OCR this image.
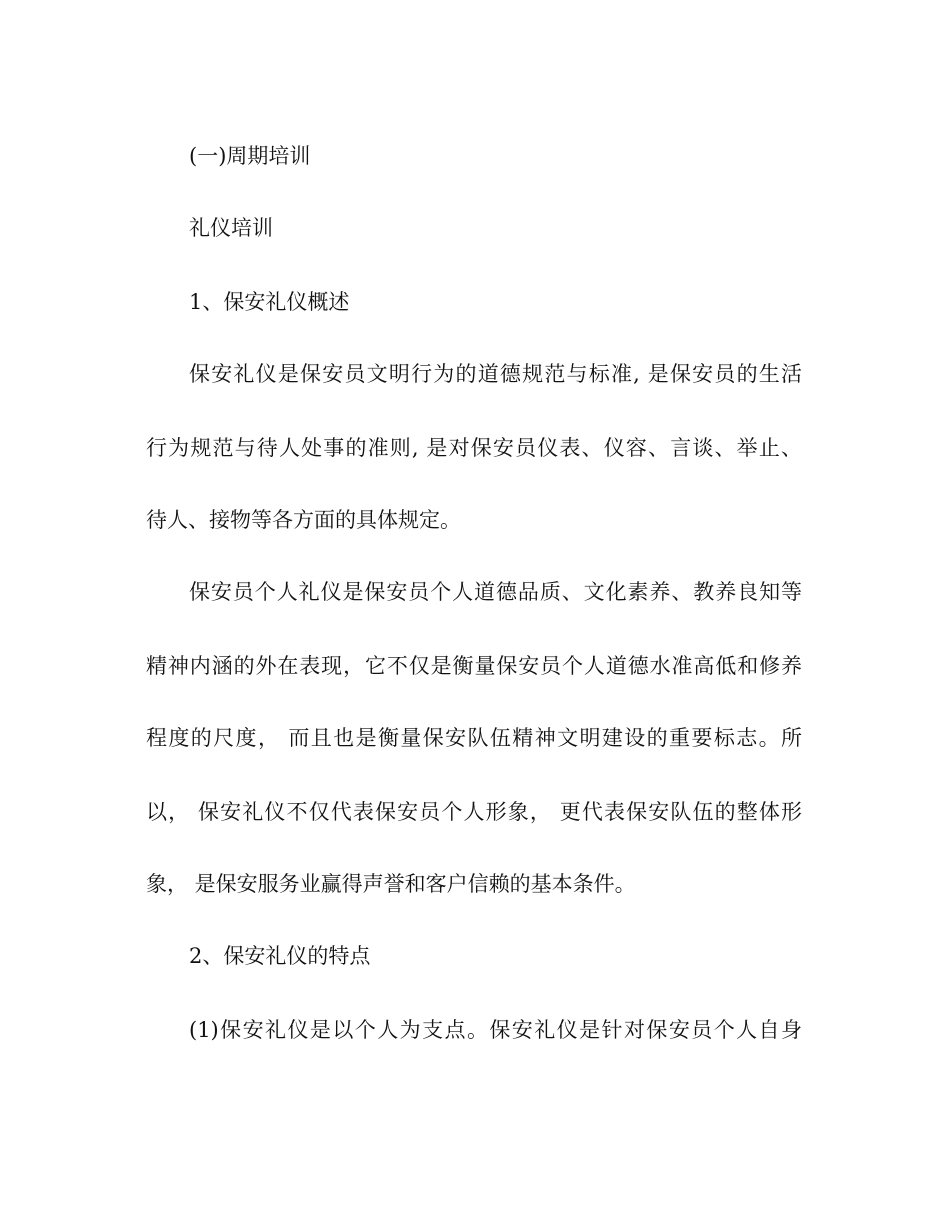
(一)周期培训
礼仪培训
1、保安礼仪概述
保安礼仪是保安员文明行为的道德规范与标准, 是保安员的生活
行为规范与待人处事的准则, 是对保安员仪表、仪容、言谈、举止、
待人、接物等各方面的具体规定。
保安员个人礼仪是保安员个人道德品质、文化素养、教养良知等
精神内涵的外在表现，它不仅是衡量保安员个人道德水准高低和修养
程度的尺度， 而且也是衡量保安队伍精神文明建设的重要标志。所
以， 保安礼仪不仅代表保安员个人形象， 更代表保安队伍的整体形
象， 是保安服务业赢得声誉和客户信赖的基本条件。
2、保安礼仪的特点
(1)保安礼仪是以个人为支点。保安礼仪是针对保安员个人自身
